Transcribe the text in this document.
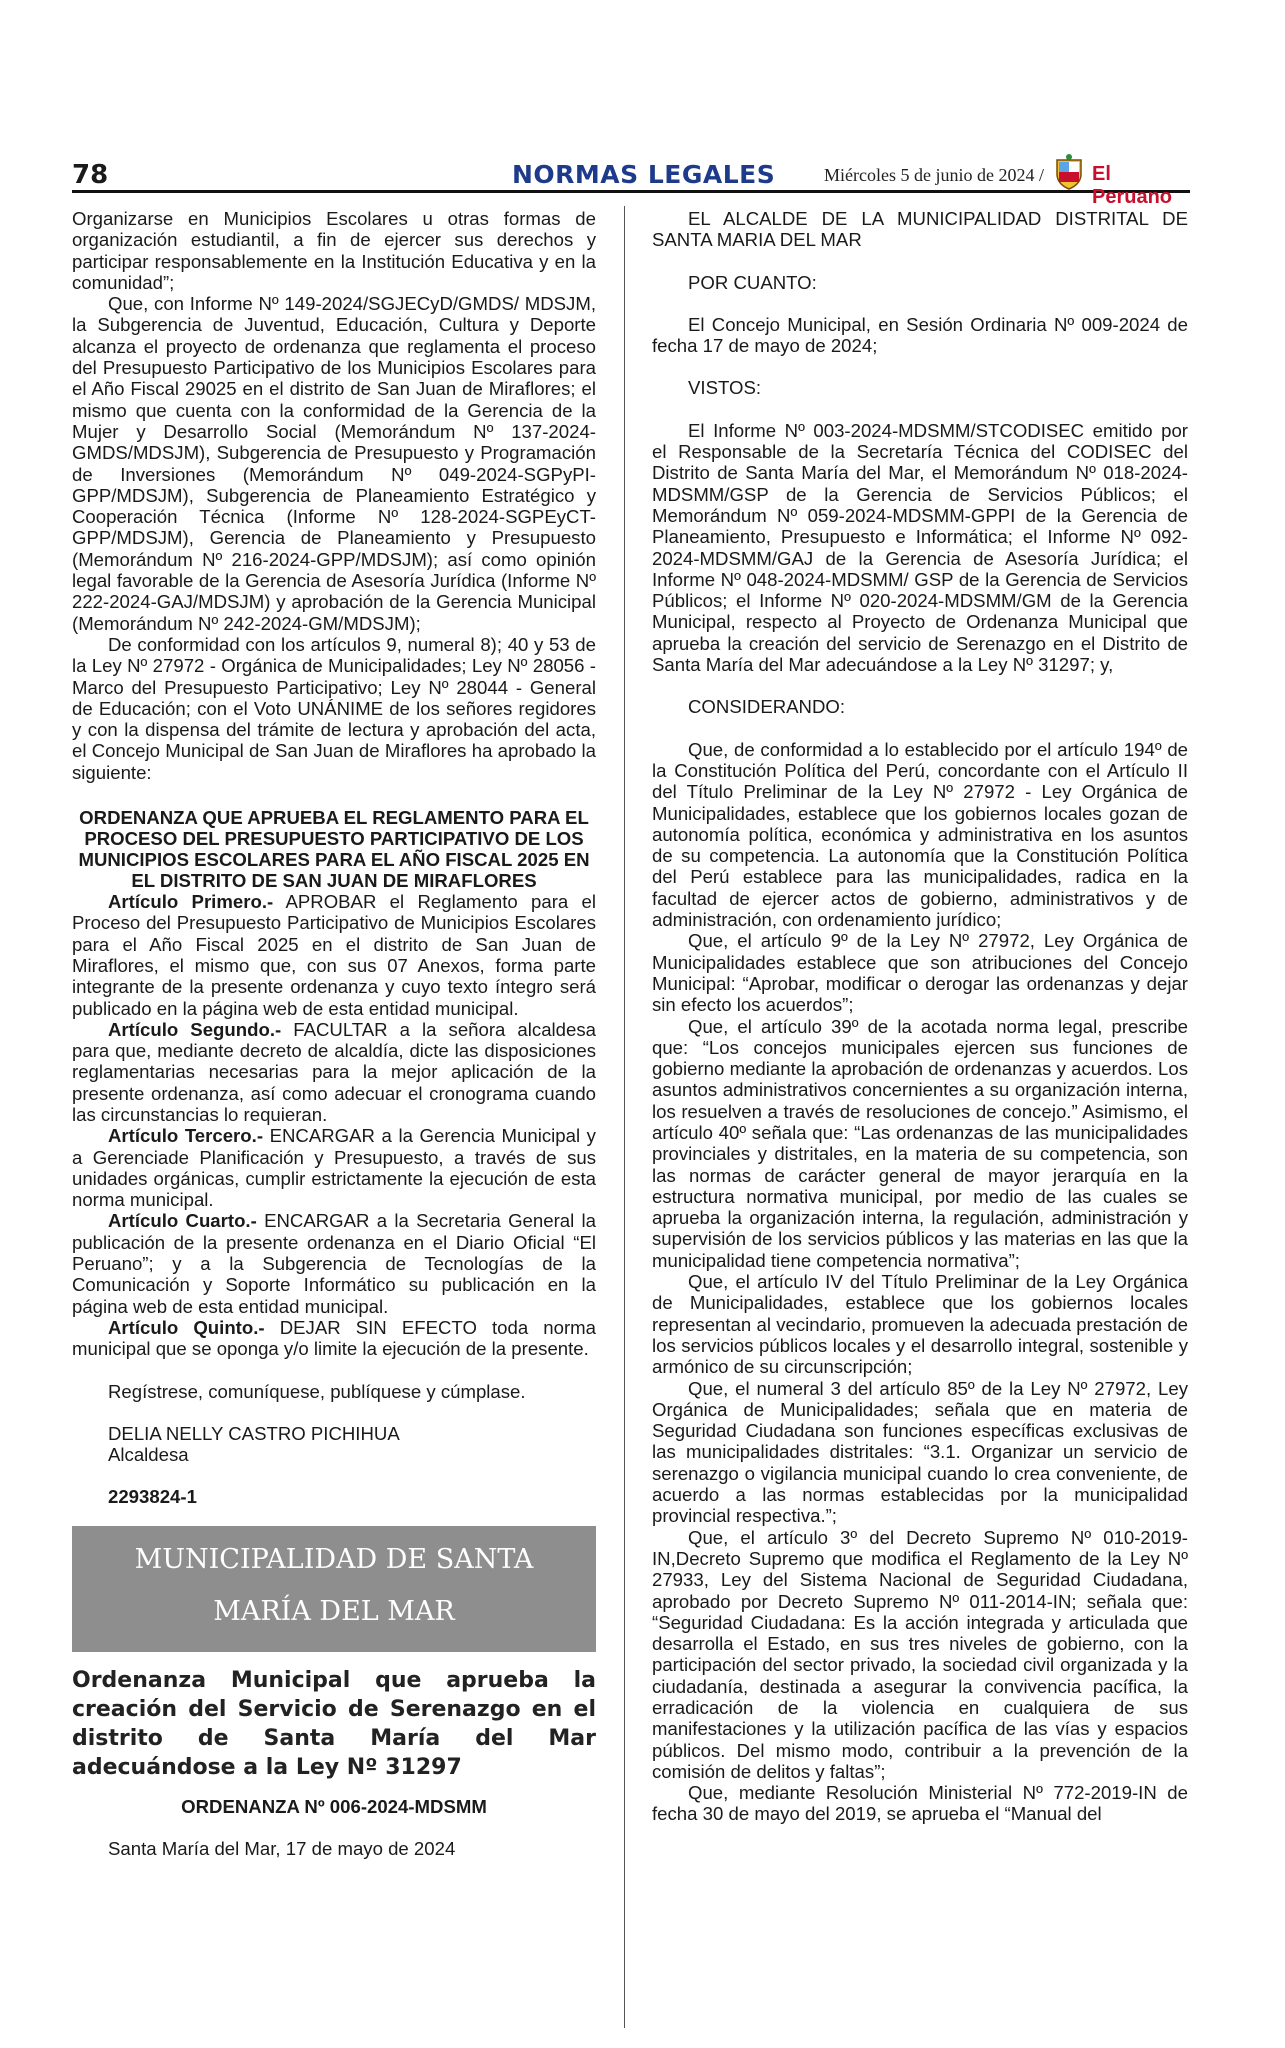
78	NORMAS LEGALES	Miércoles 5 de junio de 2024 / El Peruano

Organizarse en Municipios Escolares u otras formas de organización estudiantil, a fin de ejercer sus derechos y participar responsablemente en la Institución Educativa y en la comunidad”;

Que, con Informe Nº 149-2024/SGJECyD/GMDS/ MDSJM, la Subgerencia de Juventud, Educación, Cultura y Deporte alcanza el proyecto de ordenanza que reglamenta el proceso del Presupuesto Participativo de los Municipios Escolares para el Año Fiscal 29025 en el distrito de San Juan de Miraflores; el mismo que cuenta con la conformidad de la Gerencia de la Mujer y Desarrollo Social (Memorándum Nº 137-2024-GMDS/MDSJM), Subgerencia de Presupuesto y Programación de Inversiones (Memorándum Nº 049-2024-SGPyPI-GPP/MDSJM), Subgerencia de Planeamiento Estratégico y Cooperación Técnica (Informe Nº 128-2024-SGPEyCT-GPP/MDSJM), Gerencia de Planeamiento y Presupuesto (Memorándum Nº 216-2024-GPP/MDSJM); así como opinión legal favorable de la Gerencia de Asesoría Jurídica (Informe Nº 222-2024-GAJ/MDSJM) y aprobación de la Gerencia Municipal (Memorándum Nº 242-2024-GM/MDSJM);

De conformidad con los artículos 9, numeral 8); 40 y 53 de la Ley Nº 27972 - Orgánica de Municipalidades; Ley Nº 28056 - Marco del Presupuesto Participativo; Ley Nº 28044 - General de Educación; con el Voto UNÁNIME de los señores regidores y con la dispensa del trámite de lectura y aprobación del acta, el Concejo Municipal de San Juan de Miraflores ha aprobado la siguiente:

ORDENANZA QUE APRUEBA EL REGLAMENTO PARA EL PROCESO DEL PRESUPUESTO PARTICIPATIVO DE LOS MUNICIPIOS ESCOLARES PARA EL AÑO FISCAL 2025 EN EL DISTRITO DE SAN JUAN DE MIRAFLORES

Artículo Primero.- APROBAR el Reglamento para el Proceso del Presupuesto Participativo de Municipios Escolares para el Año Fiscal 2025 en el distrito de San Juan de Miraflores, el mismo que, con sus 07 Anexos, forma parte integrante de la presente ordenanza y cuyo texto íntegro será publicado en la página web de esta entidad municipal.

Artículo Segundo.- FACULTAR a la señora alcaldesa para que, mediante decreto de alcaldía, dicte las disposiciones reglamentarias necesarias para la mejor aplicación de la presente ordenanza, así como adecuar el cronograma cuando las circunstancias lo requieran.

Artículo Tercero.- ENCARGAR a la Gerencia Municipal y a Gerenciade Planificación y Presupuesto, a través de sus unidades orgánicas, cumplir estrictamente la ejecución de esta norma municipal.

Artículo Cuarto.- ENCARGAR a la Secretaria General la publicación de la presente ordenanza en el Diario Oficial “El Peruano”; y a la Subgerencia de Tecnologías de la Comunicación y Soporte Informático su publicación en la página web de esta entidad municipal.

Artículo Quinto.- DEJAR SIN EFECTO toda norma municipal que se oponga y/o limite la ejecución de la presente.

Regístrese, comuníquese, publíquese y cúmplase.

DELIA NELLY CASTRO PICHIHUA

Alcaldesa

2293824-1

MUNICIPALIDAD DE SANTA
MARÍA DEL MAR

Ordenanza Municipal que aprueba la creación del Servicio de Serenazgo en el distrito de Santa María del Mar adecuándose a la Ley Nº 31297

ORDENANZA Nº 006-2024-MDSMM

Santa María del Mar, 17 de mayo de 2024

EL ALCALDE DE LA MUNICIPALIDAD DISTRITAL DE SANTA MARIA DEL MAR

POR CUANTO:

El Concejo Municipal, en Sesión Ordinaria Nº 009-2024 de fecha 17 de mayo de 2024;

VISTOS:

El Informe Nº 003-2024-MDSMM/STCODISEC emitido por el Responsable de la Secretaría Técnica del CODISEC del Distrito de Santa María del Mar, el Memorándum Nº 018-2024-MDSMM/GSP de la Gerencia de Servicios Públicos; el Memorándum Nº 059-2024-MDSMM-GPPI de la Gerencia de Planeamiento, Presupuesto e Informática; el Informe Nº 092-2024-MDSMM/GAJ de la Gerencia de Asesoría Jurídica; el Informe Nº 048-2024-MDSMM/ GSP de la Gerencia de Servicios Públicos; el Informe Nº 020-2024-MDSMM/GM de la Gerencia Municipal, respecto al Proyecto de Ordenanza Municipal que aprueba la creación del servicio de Serenazgo en el Distrito de Santa María del Mar adecuándose a la Ley Nº 31297; y,

CONSIDERANDO:

Que, de conformidad a lo establecido por el artículo 194º de la Constitución Política del Perú, concordante con el Artículo II del Título Preliminar de la Ley Nº 27972 - Ley Orgánica de Municipalidades, establece que los gobiernos locales gozan de autonomía política, económica y administrativa en los asuntos de su competencia. La autonomía que la Constitución Política del Perú establece para las municipalidades, radica en la facultad de ejercer actos de gobierno, administrativos y de administración, con ordenamiento jurídico;

Que, el artículo 9º de la Ley Nº 27972, Ley Orgánica de Municipalidades establece que son atribuciones del Concejo Municipal: “Aprobar, modificar o derogar las ordenanzas y dejar sin efecto los acuerdos”;

Que, el artículo 39º de la acotada norma legal, prescribe que: “Los concejos municipales ejercen sus funciones de gobierno mediante la aprobación de ordenanzas y acuerdos. Los asuntos administrativos concernientes a su organización interna, los resuelven a través de resoluciones de concejo.” Asimismo, el artículo 40º señala que: “Las ordenanzas de las municipalidades provinciales y distritales, en la materia de su competencia, son las normas de carácter general de mayor jerarquía en la estructura normativa municipal, por medio de las cuales se aprueba la organización interna, la regulación, administración y supervisión de los servicios públicos y las materias en las que la municipalidad tiene competencia normativa”;

Que, el artículo IV del Título Preliminar de la Ley Orgánica de Municipalidades, establece que los gobiernos locales representan al vecindario, promueven la adecuada prestación de los servicios públicos locales y el desarrollo integral, sostenible y armónico de su circunscripción;

Que, el numeral 3 del artículo 85º de la Ley Nº 27972, Ley Orgánica de Municipalidades; señala que en materia de Seguridad Ciudadana son funciones específicas exclusivas de las municipalidades distritales: “3.1. Organizar un servicio de serenazgo o vigilancia municipal cuando lo crea conveniente, de acuerdo a las normas establecidas por la municipalidad provincial respectiva.”;

Que, el artículo 3º del Decreto Supremo Nº 010-2019-IN,Decreto Supremo que modifica el Reglamento de la Ley Nº 27933, Ley del Sistema Nacional de Seguridad Ciudadana, aprobado por Decreto Supremo Nº 011-2014-IN; señala que: “Seguridad Ciudadana: Es la acción integrada y articulada que desarrolla el Estado, en sus tres niveles de gobierno, con la participación del sector privado, la sociedad civil organizada y la ciudadanía, destinada a asegurar la convivencia pacífica, la erradicación de la violencia en cualquiera de sus manifestaciones y la utilización pacífica de las vías y espacios públicos. Del mismo modo, contribuir a la prevención de la comisión de delitos y faltas”;

Que, mediante Resolución Ministerial Nº 772-2019-IN de fecha 30 de mayo del 2019, se aprueba el “Manual del
